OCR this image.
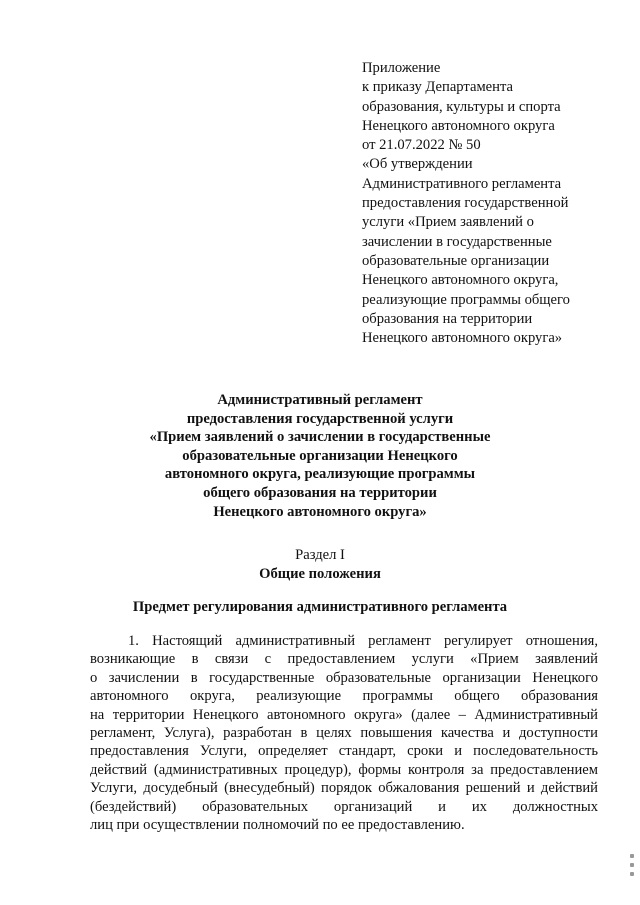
Приложение
к приказу Департамента
образования, культуры и спорта
Ненецкого автономного округа
от 21.07.2022 № 50
«Об утверждении
Административного регламента
предоставления государственной
услуги «Прием заявлений о
зачислении в государственные
образовательные организации
Ненецкого автономного округа,
реализующие программы общего
образования на территории
Ненецкого автономного округа»
Административный регламент
предоставления государственной услуги
«Прием заявлений о зачислении в государственные
образовательные организации Ненецкого
автономного округа, реализующие программы
общего образования на территории
Ненецкого автономного округа»
Раздел I
Общие положения
Предмет регулирования административного регламента
1. Настоящий административный регламент регулирует отношения,
возникающие в связи с предоставлением услуги «Прием заявлений
о зачислении в государственные образовательные организации Ненецкого
автономного округа, реализующие программы общего образования
на территории Ненецкого автономного округа» (далее – Административный
регламент, Услуга), разработан в целях повышения качества и доступности
предоставления Услуги, определяет стандарт, сроки и последовательность
действий (административных процедур), формы контроля за предоставлением
Услуги, досудебный (внесудебный) порядок обжалования решений и действий
(бездействий) образовательных организаций и их должностных
лиц при осуществлении полномочий по ее предоставлению.
